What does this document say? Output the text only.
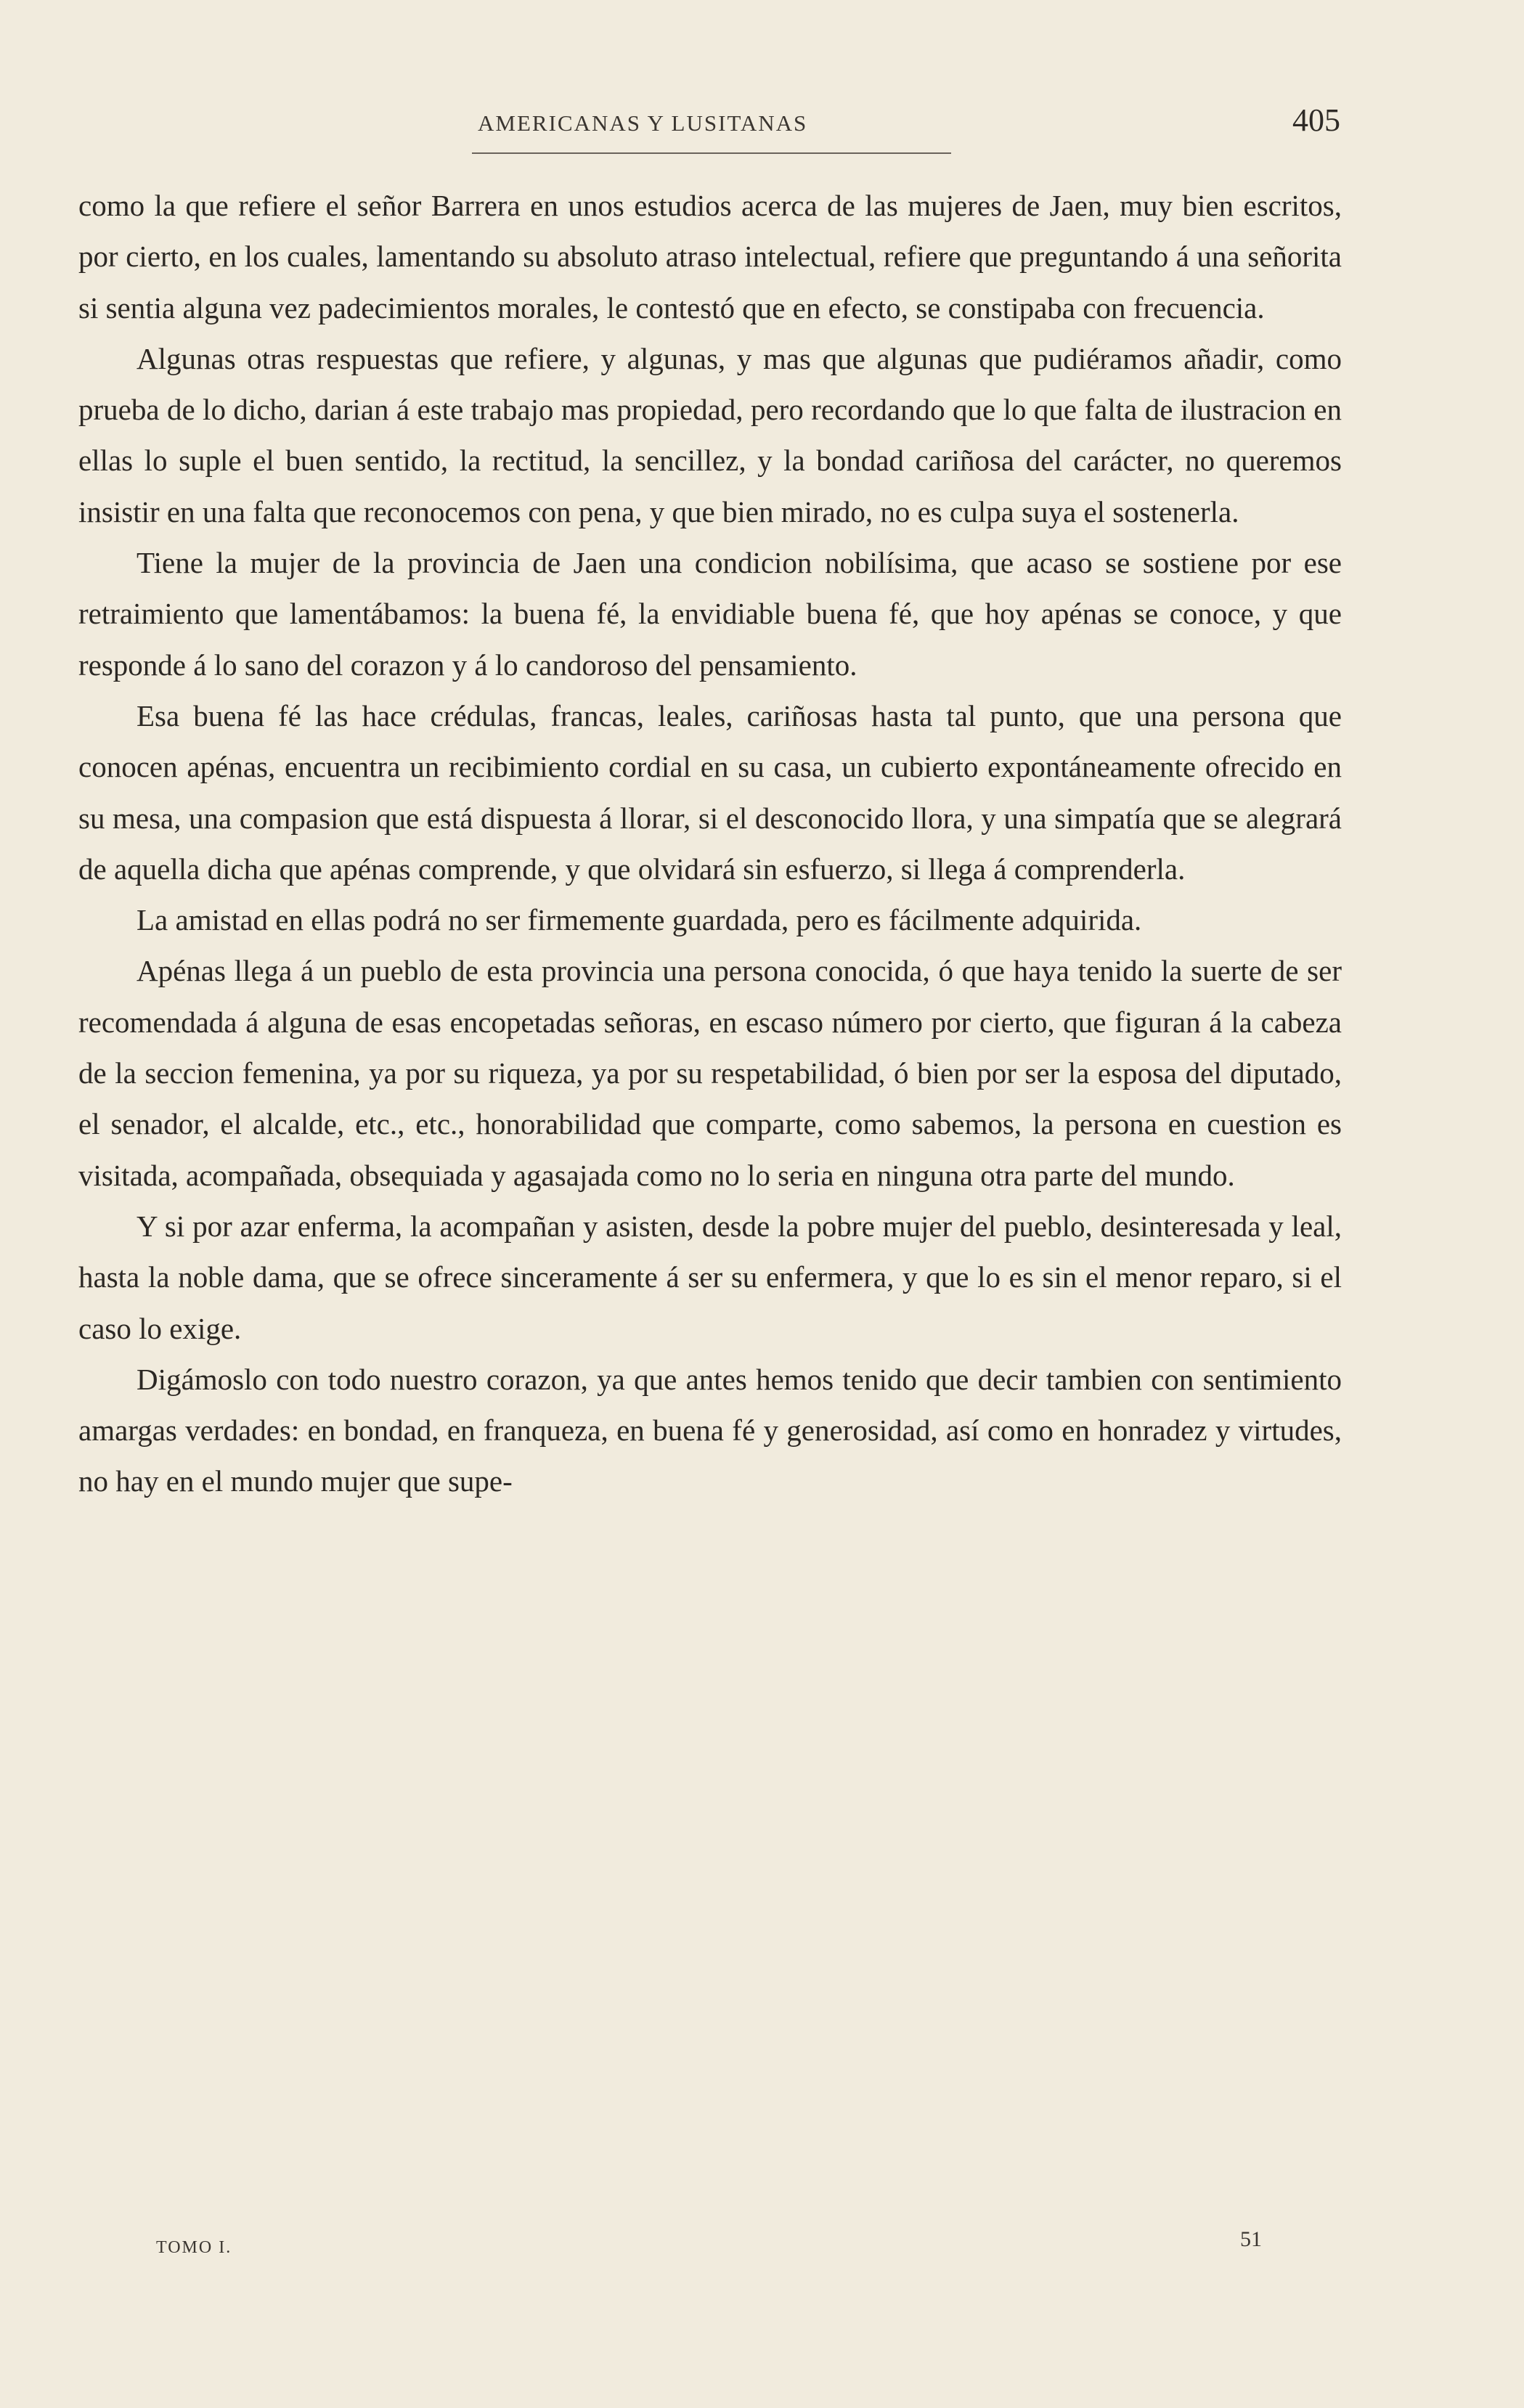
AMERICANAS Y LUSITANAS	405

como la que refiere el señor Barrera en unos estudios acerca de las mujeres de Jaen, muy bien escritos, por cierto, en los cuales, lamentando su absoluto atraso intelectual, refiere que preguntando á una señorita si sentia alguna vez padecimientos morales, le contestó que en efecto, se constipaba con frecuencia.

Algunas otras respuestas que refiere, y algunas, y mas que algunas que pudiéramos añadir, como prueba de lo dicho, darian á este trabajo mas propiedad, pero recordando que lo que falta de ilustracion en ellas lo suple el buen sentido, la rectitud, la sencillez, y la bondad cariñosa del carácter, no queremos insistir en una falta que reconocemos con pena, y que bien mirado, no es culpa suya el sostenerla.

Tiene la mujer de la provincia de Jaen una condicion nobilísima, que acaso se sostiene por ese retraimiento que lamentábamos: la buena fé, la envidiable buena fé, que hoy apénas se conoce, y que responde á lo sano del corazon y á lo candoroso del pensamiento.

Esa buena fé las hace crédulas, francas, leales, cariñosas hasta tal punto, que una persona que conocen apénas, encuentra un recibimiento cordial en su casa, un cubierto expontáneamente ofrecido en su mesa, una compasion que está dispuesta á llorar, si el desconocido llora, y una simpatía que se alegrará de aquella dicha que apénas comprende, y que olvidará sin esfuerzo, si llega á comprenderla.

La amistad en ellas podrá no ser firmemente guardada, pero es fácilmente adquirida.

Apénas llega á un pueblo de esta provincia una persona conocida, ó que haya tenido la suerte de ser recomendada á alguna de esas encopetadas señoras, en escaso número por cierto, que figuran á la cabeza de la seccion femenina, ya por su riqueza, ya por su respetabilidad, ó bien por ser la esposa del diputado, el senador, el alcalde, etc., etc., honorabilidad que comparte, como sabemos, la persona en cuestion es visitada, acompañada, obsequiada y agasajada como no lo seria en ninguna otra parte del mundo.

Y si por azar enferma, la acompañan y asisten, desde la pobre mujer del pueblo, desinteresada y leal, hasta la noble dama, que se ofrece sinceramente á ser su enfermera, y que lo es sin el menor reparo, si el caso lo exige.

Digámoslo con todo nuestro corazon, ya que antes hemos tenido que decir tambien con sentimiento amargas verdades: en bondad, en franqueza, en buena fé y generosidad, así como en honradez y virtudes, no hay en el mundo mujer que supe-

TOMO I.	51
